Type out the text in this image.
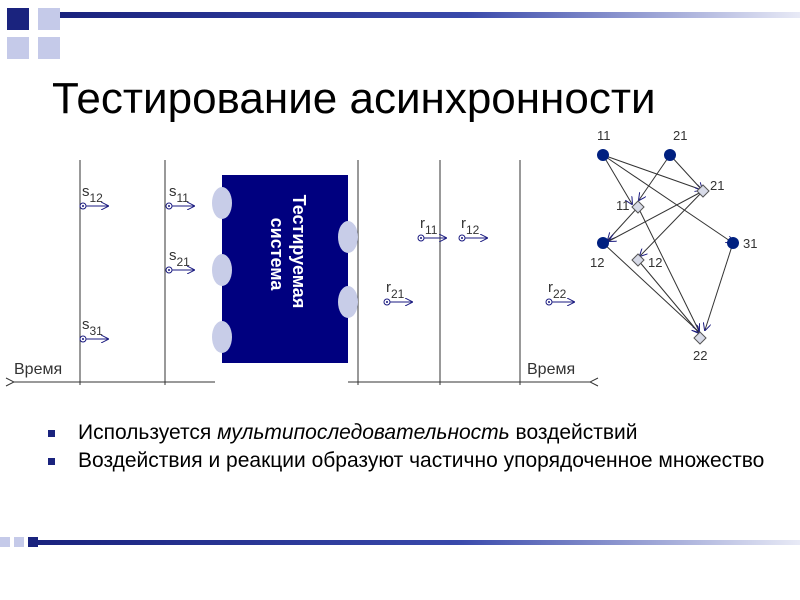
Тестирование асинхронности
Время	Время
Тестируемая система
$s_{12}$	$s_{11}$
$s_{21}$
$s_{31}$
$r_{11}$ $r_{12}$
$r_{21}$	$r_{22}$
11	21
21
11
31
12	12
22
Используется мультипоследовательность воздействий
Воздействия и реакции образуют частично упорядоченное множество
